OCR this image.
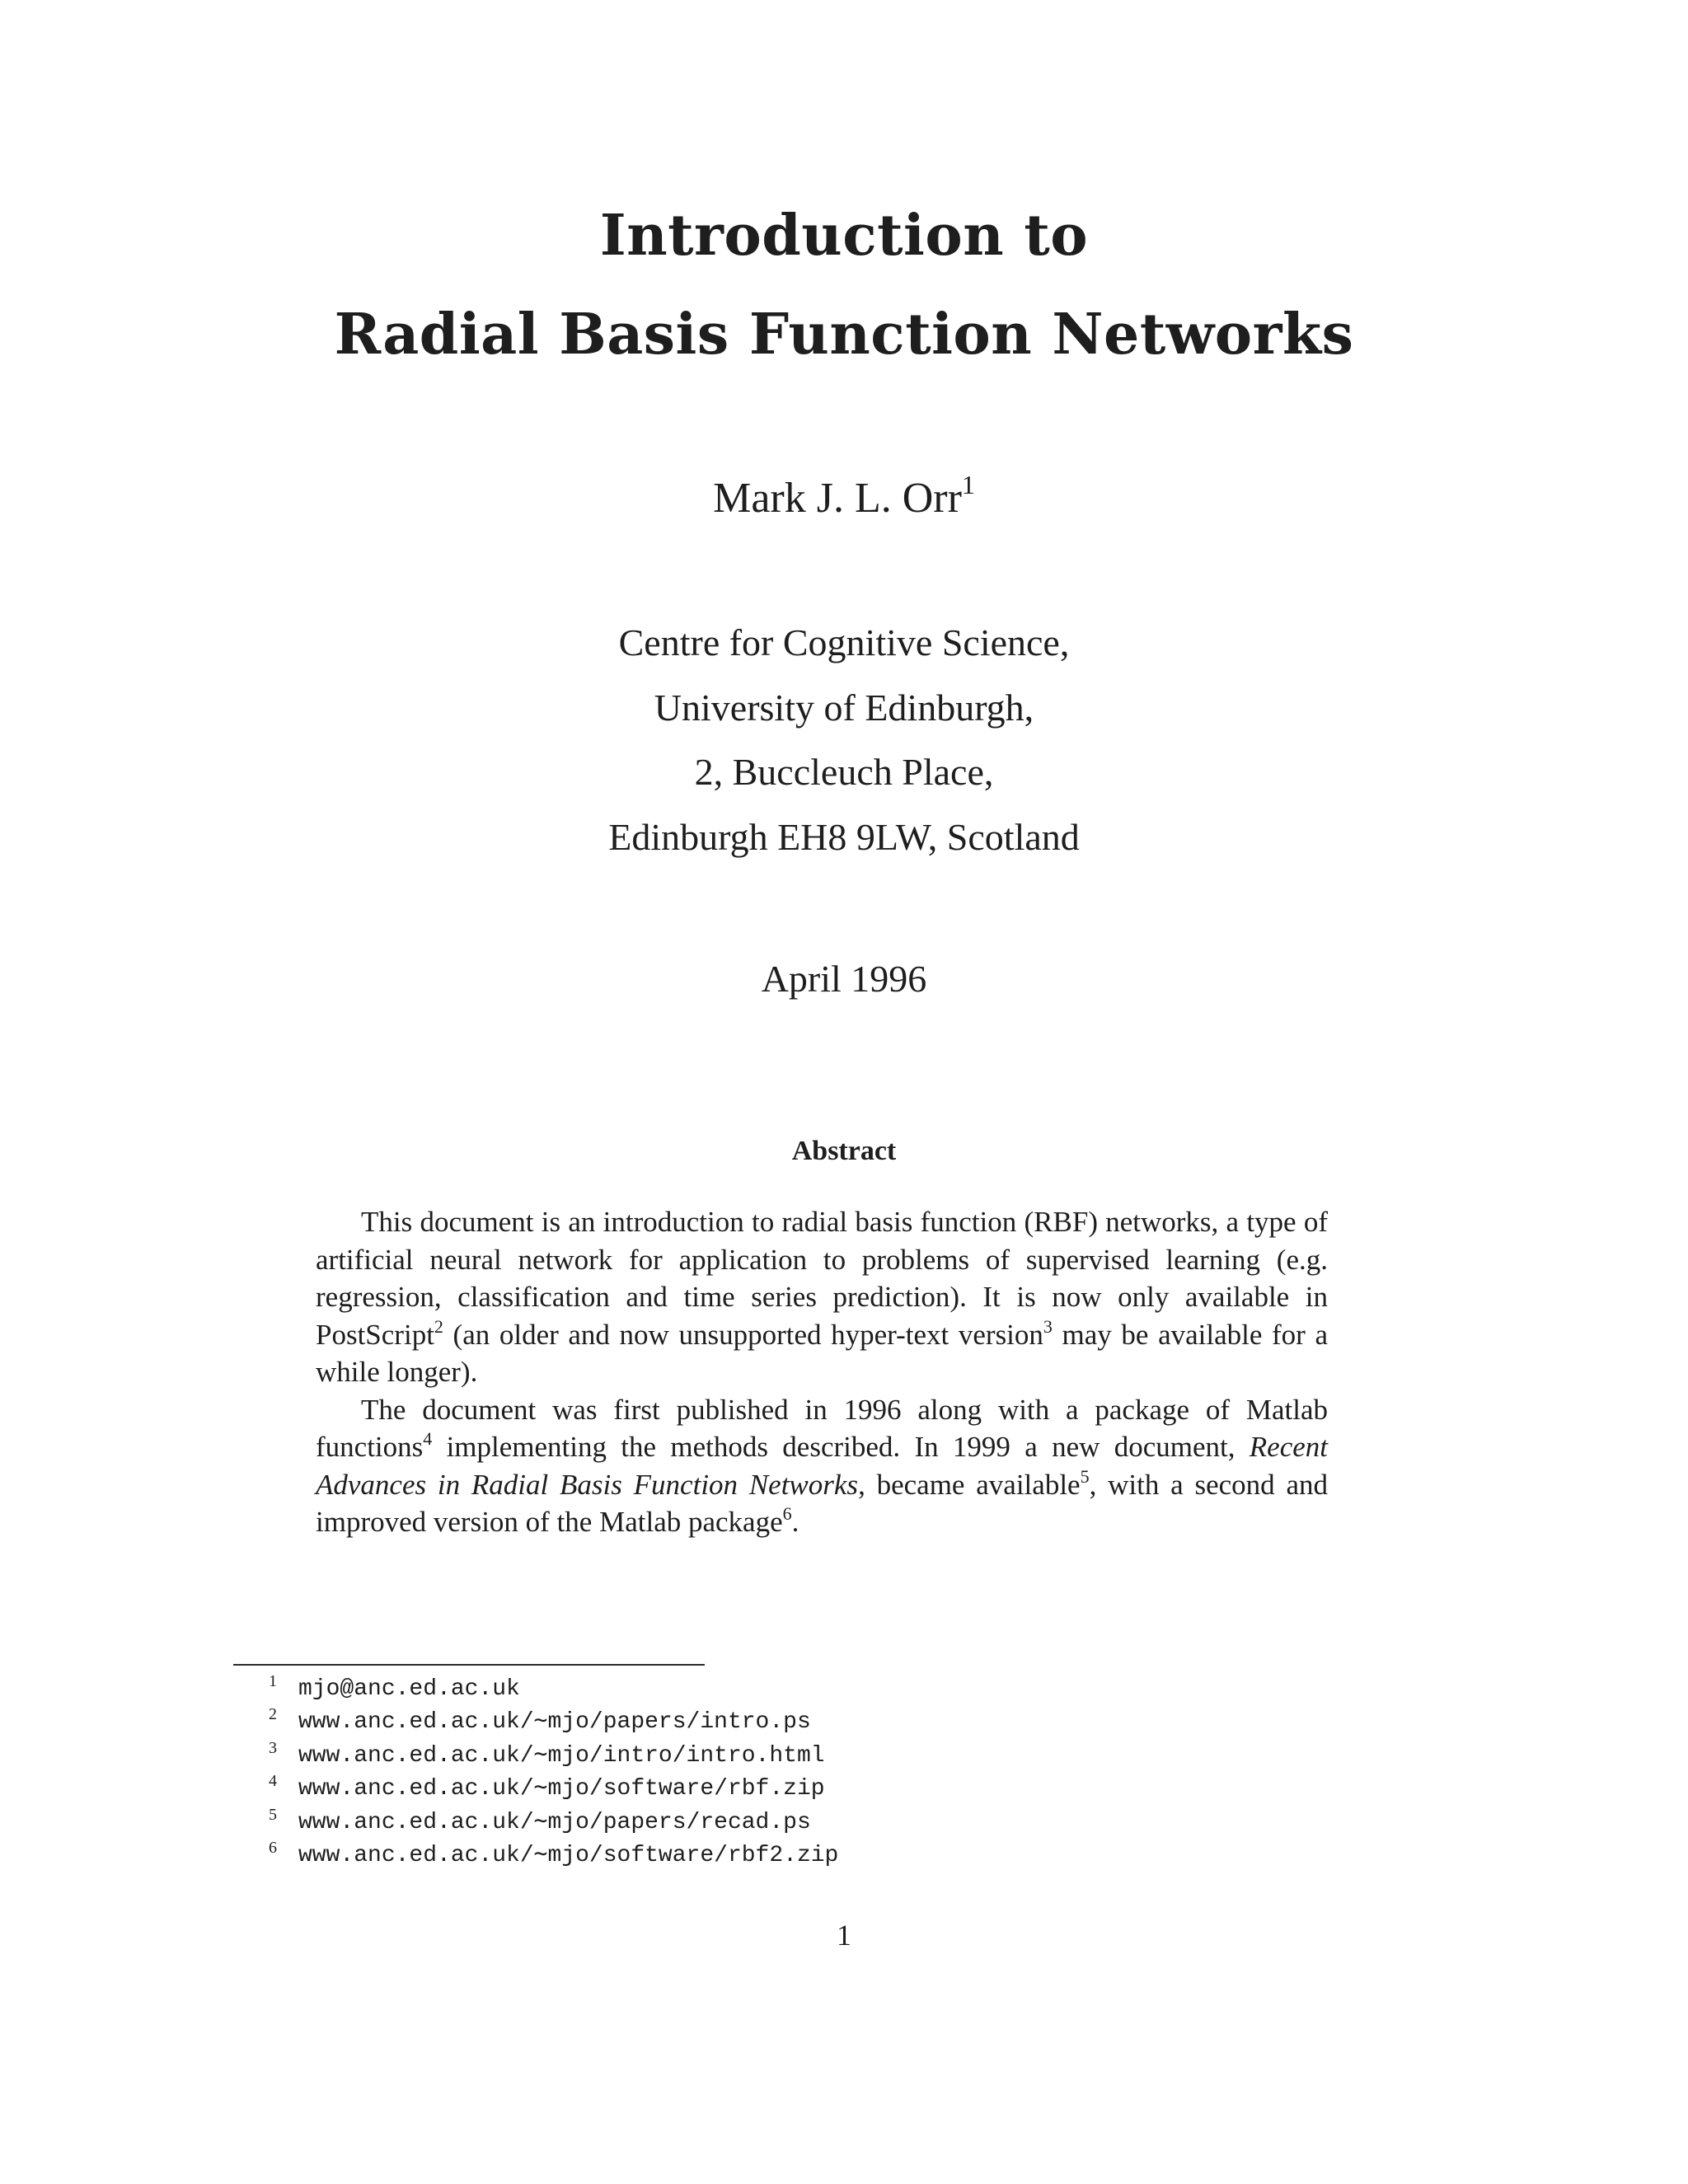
Introduction to
Radial Basis Function Networks
Mark J. L. Orr$^1$
Centre for Cognitive Science,
University of Edinburgh,
2, Buccleuch Place,
Edinburgh EH8 9LW, Scotland
April 1996
Abstract

This document is an introduction to radial basis function (RBF) networks, a type of artificial neural network for application to problems of supervised learning (e.g. regression, classification and time series prediction). It is now only available in PostScript$^2$ (an older and now unsupported hyper-text version$^3$ may be available for a while longer).

The document was first published in 1996 along with a package of Matlab functions$^4$ implementing the methods described. In 1999 a new document, Recent Advances in Radial Basis Function Networks, became available$^5$, with a second and improved version of the Matlab package$^6$.

1 mjo@anc.ed.ac.uk
2 www.anc.ed.ac.uk/∼mjo/papers/intro.ps
3 www.anc.ed.ac.uk/∼mjo/intro/intro.html
4 www.anc.ed.ac.uk/∼mjo/software/rbf.zip
5 www.anc.ed.ac.uk/∼mjo/papers/recad.ps
6 www.anc.ed.ac.uk/∼mjo/software/rbf2.zip
1
